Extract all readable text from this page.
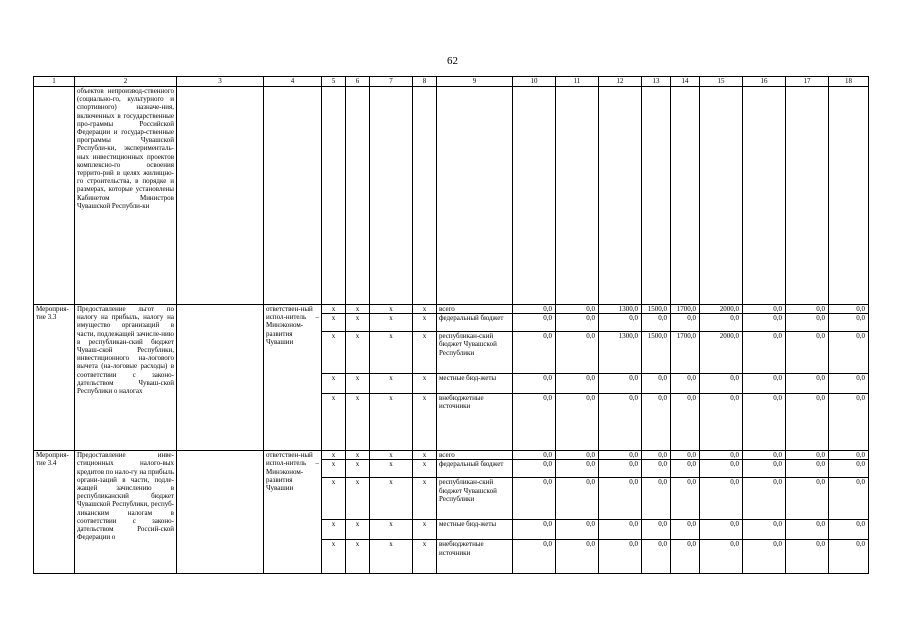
62
1	2	3	4	5	6	7	8	9	10	11	12	13	14	15	16	17	18
	объектов непроизвод-ственного (социально-го, культурного и спортивного) назначе-ния, включенных в государственные про-граммы Российской Федерации и государ-ственные программы Чувашской Республи-ки, эксперименталь-ных инвестиционных проектов комплексно-го освоения террито-рий в целях жилищно-го строительства, в порядке и размерах, которые установлены Кабинетом Министров Чувашской Республи-ки																
Мероприя-тие 3.3	Предоставление льгот по налогу на прибыль, налогу на имущество организаций в части, подлежащей зачисле-нию в республикан-ский бюджет Чуваш-ской Республики, инвестиционного на-логового вычета (на-логовые расходы) в соответствии с законо-дательством Чуваш-ской Республики о налогах		ответствен-ный испол-нитель – Минэконом-развития Чувашии	x	x	x	x	всего	0,0	0,0	1300,0	1500,0	1700,0	2000,0	0,0	0,0	0,0
				x	x	x	x	федеральный бюджет	0,0	0,0	0,0	0,0	0,0	0,0	0,0	0,0	0,0
				x	x	x	x	республикан-ский бюджет Чувашской Республики	0,0	0,0	1300,0	1500,0	1700,0	2000,0	0,0	0,0	0,0
				x	x	x	x	местные бюд-жеты	0,0	0,0	0,0	0,0	0,0	0,0	0,0	0,0	0,0
				x	x	x	x	внебюджетные источники	0,0	0,0	0,0	0,0	0,0	0,0	0,0	0,0	0,0
Мероприя-тие 3.4	Предоставление инве-стиционных налого-вых кредитов по нало-гу на прибыль органи-заций в части, подле-жащей зачислению в республиканский бюджет Чувашской Республики, респуб-ликанским налогам в соответствии с законо-дательством Россий-ской Федерации о		ответствен-ный испол-нитель – Минэконом-развития Чувашии	x	x	x	x	всего	0,0	0,0	0,0	0,0	0,0	0,0	0,0	0,0	0,0
				x	x	x	x	федеральный бюджет	0,0	0,0	0,0	0,0	0,0	0,0	0,0	0,0	0,0
				x	x	x	x	республикан-ский бюджет Чувашской Республики	0,0	0,0	0,0	0,0	0,0	0,0	0,0	0,0	0,0
				x	x	x	x	местные бюд-жеты	0,0	0,0	0,0	0,0	0,0	0,0	0,0	0,0	0,0
				x	x	x	x	внебюджетные источники	0,0	0,0	0,0	0,0	0,0	0,0	0,0	0,0	0,0
